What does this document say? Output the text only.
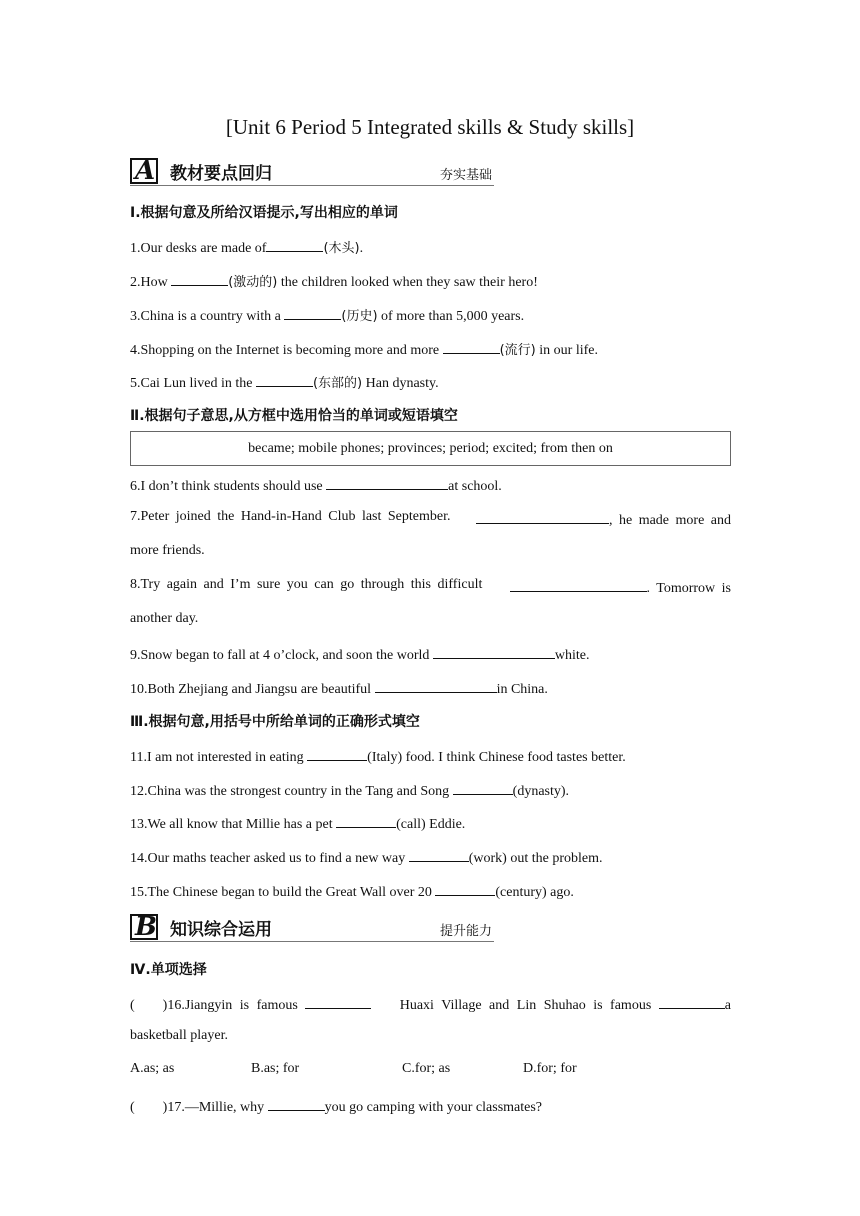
[Unit 6 Period 5 Integrated skills & Study skills]
A 教材要点回归	夯实基础
Ⅰ.根据句意及所给汉语提示,写出相应的单词
1.Our desks are made of	(木头).
2.How	(激动的) the children looked when they saw their hero!
3.China is a country with a	(历史) of more than 5,000 years.
4.Shopping on the Internet is becoming more and more	(流行) in our life.
5.Cai Lun lived in the	(东部的) Han dynasty.
Ⅱ.根据句子意思,从方框中选用恰当的单词或短语填空
became; mobile phones; provinces; period; excited; from then on
6.I don’t think students should use	at school.
7.Peter joined the Hand-in-Hand Club last September.	, he made more and
more friends.
8.Try again and I’m sure you can go through this difficult	. Tomorrow is
another day.
9.Snow began to fall at 4 o’clock, and soon the world	white.
10.Both Zhejiang and Jiangsu are beautiful	in China.
Ⅲ.根据句意,用括号中所给单词的正确形式填空
11.I am not interested in eating	(Italy) food. I think Chinese food tastes better.
12.China was the strongest country in the Tang and Song	(dynasty).
13.We all know that Millie has a pet	(call) Eddie.
14.Our maths teacher asked us to find a new way	(work) out the problem.
15.The Chinese began to build the Great Wall over 20	(century) ago.
B 知识综合运用	提升能力
Ⅳ.单项选择
(　　)16.Jiangyin is famous	Huaxi Village and Lin Shuhao is famous	a
basketball player.
A.as; as	B.as; for	C.for; as	D.for; for
(　　)17.—Millie, why	you go camping with your classmates?
